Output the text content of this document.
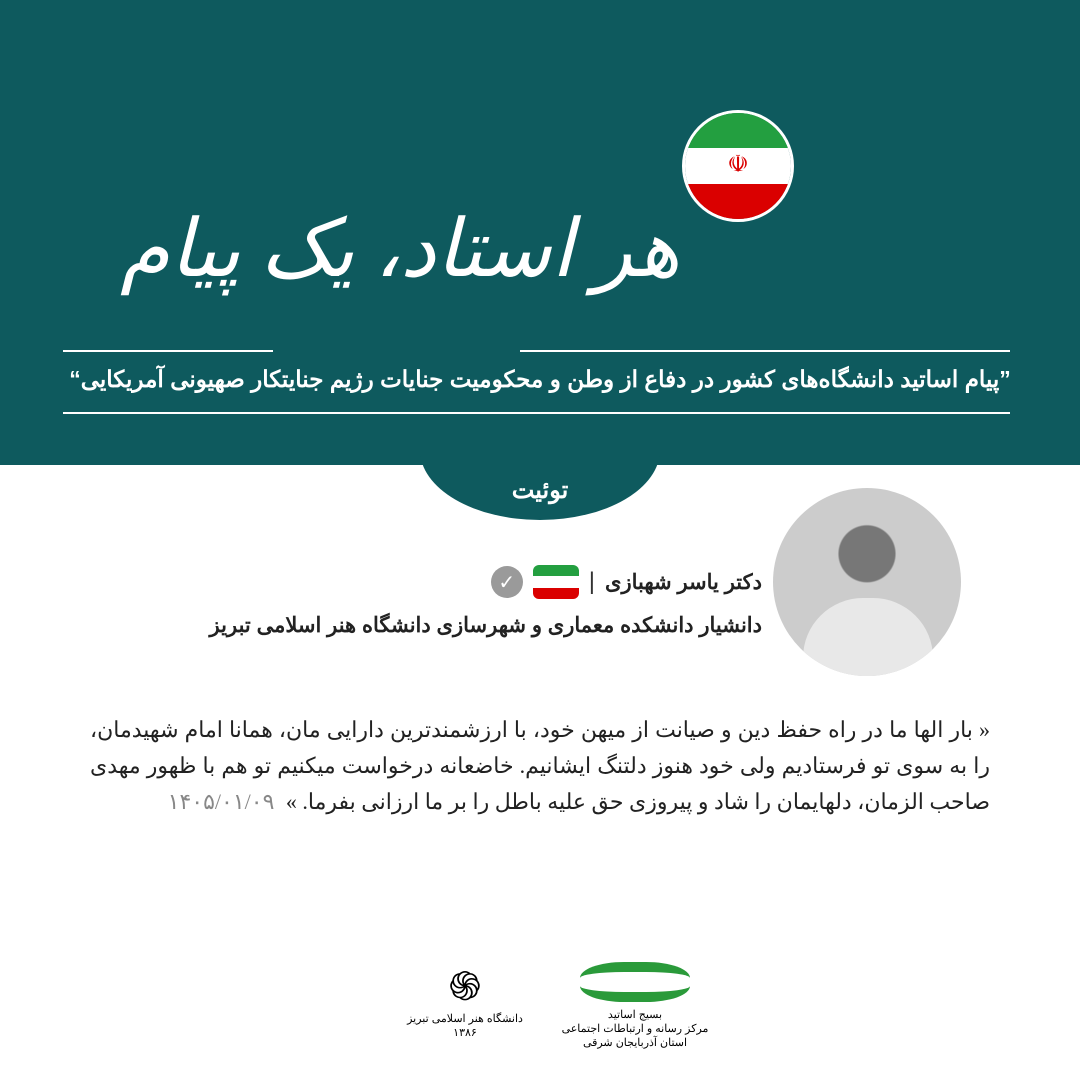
توئیت
☫
هر استاد، یک پیام
”پیام اساتید دانشگاه‌های کشور در دفاع از وطن و محکومیت جنایات رژیم جنایتکار صهیونی آمریکایی“
دکتر یاسر شهبازی
|
✓
دانشیار دانشکده معماری و شهرسازی دانشگاه هنر اسلامی تبریز
« بار الها ما در راه حفظ دین و صیانت از میهن خود، با ارزشمندترین دارایی مان، همانا امام شهیدمان، را به سوی تو فرستادیم ولی خود هنوز دلتنگ ایشانیم. خاضعانه درخواست میکنیم تو هم با ظهور مهدی صاحب الزمان، دلهایمان را شاد و پیروزی حق علیه باطل را بر ما ارزانی بفرما. » ۱۴۰۵/۰۱/۰۹
بسیج اساتید
مرکز رسانه و ارتباطات اجتماعی
استان آذربایجان شرقی
֍
دانشگاه هنر اسلامی تبریز
۱۳۸۶
